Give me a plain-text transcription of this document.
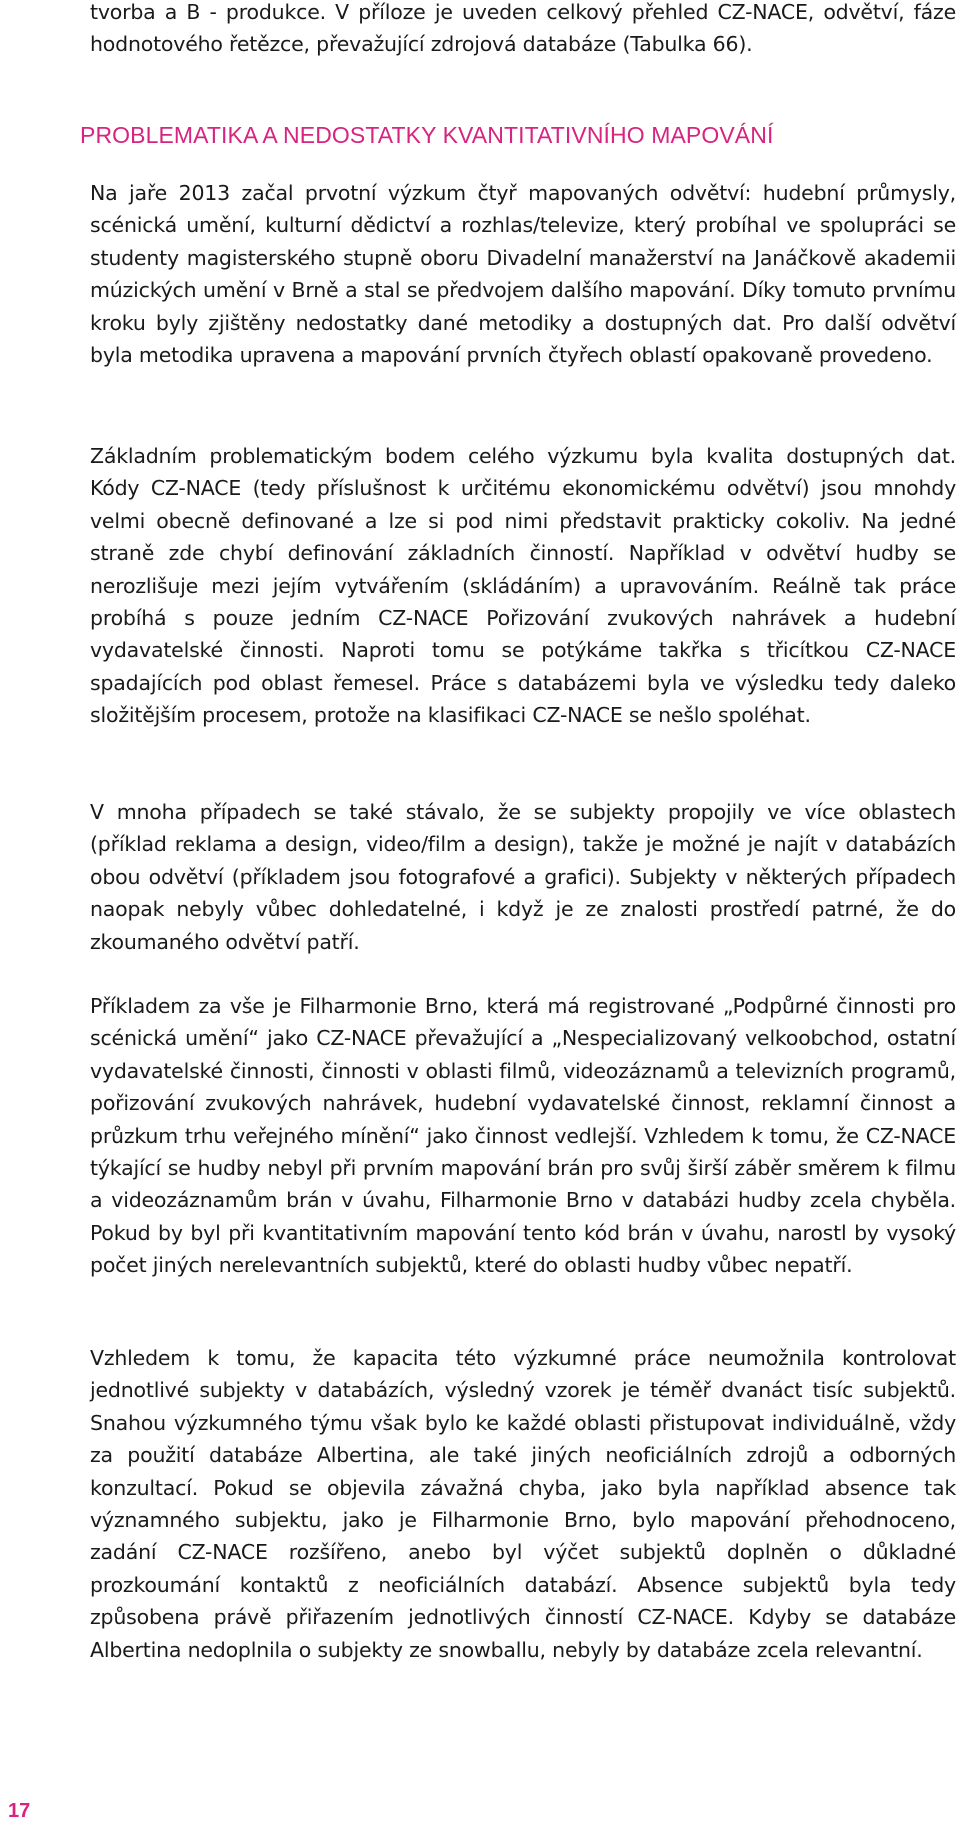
tvorba a B - produkce. V příloze je uveden celkový přehled CZ-NACE, odvětví, fáze hodnotového řetězce, převažující zdrojová databáze (Tabulka 66).

PROBLEMATIKA A NEDOSTATKY KVANTITATIVNÍHO MAPOVÁNÍ

Na jaře 2013 začal prvotní výzkum čtyř mapovaných odvětví: hudební průmysly, scénická umění, kulturní dědictví a rozhlas/televize, který probíhal ve spolupráci se studenty magisterského stupně oboru Divadelní manažerství na Janáčkově akademii múzických umění v Brně a stal se předvojem dalšího mapování. Díky tomuto prvnímu kroku byly zjištěny nedostatky dané metodiky a dostupných dat. Pro další odvětví byla metodika upravena a mapování prvních čtyřech oblastí opakovaně provedeno.

Základním problematickým bodem celého výzkumu byla kvalita dostupných dat. Kódy CZ-NACE (tedy příslušnost k určitému ekonomickému odvětví) jsou mnohdy velmi obecně definované a lze si pod nimi představit prakticky cokoliv. Na jedné straně zde chybí definování základních činností. Například v odvětví hudby se nerozlišuje mezi jejím vytvářením (skládáním) a upravováním. Reálně tak práce probíhá s pouze jedním CZ-NACE Pořizování zvukových nahrávek a hudební vydavatelské činnosti. Naproti tomu se potýkáme takřka s třicítkou CZ-NACE spadajících pod oblast řemesel. Práce s databázemi byla ve výsledku tedy daleko složitějším procesem, protože na klasifikaci CZ-NACE se nešlo spoléhat.

V mnoha případech se také stávalo, že se subjekty propojily ve více oblastech (příklad reklama a design, video/film a design), takže je možné je najít v databázích obou odvětví (příkladem jsou fotografové a grafici). Subjekty v některých případech naopak nebyly vůbec dohledatelné, i když je ze znalosti prostředí patrné, že do zkoumaného odvětví patří.

Příkladem za vše je Filharmonie Brno, která má registrované „Podpůrné činnosti pro scénická umění“ jako CZ-NACE převažující a „Nespecializovaný velkoobchod, ostatní vydavatelské činnosti, činnosti v oblasti filmů, videozáznamů a televizních programů, pořizování zvukových nahrávek, hudební vydavatelské činnost, reklamní činnost a průzkum trhu veřejného mínění“ jako činnost vedlejší. Vzhledem k tomu, že CZ-NACE týkající se hudby nebyl při prvním mapování brán pro svůj širší záběr směrem k filmu a videozáznamům brán v úvahu, Filharmonie Brno v databázi hudby zcela chyběla. Pokud by byl při kvantitativním mapování tento kód brán v úvahu, narostl by vysoký počet jiných nerelevantních subjektů, které do oblasti hudby vůbec nepatří.

Vzhledem k tomu, že kapacita této výzkumné práce neumožnila kontrolovat jednotlivé subjekty v databázích, výsledný vzorek je téměř dvanáct tisíc subjektů. Snahou výzkumného týmu však bylo ke každé oblasti přistupovat individuálně, vždy za použití databáze Albertina, ale také jiných neoficiálních zdrojů a odborných konzultací. Pokud se objevila závažná chyba, jako byla například absence tak významného subjektu, jako je Filharmonie Brno, bylo mapování přehodnoceno, zadání CZ-NACE rozšířeno, anebo byl výčet subjektů doplněn o důkladné prozkoumání kontaktů z neoficiálních databází. Absence subjektů byla tedy způsobena právě přiřazením jednotlivých činností CZ-NACE. Kdyby se databáze Albertina nedoplnila o subjekty ze snowballu, nebyly by databáze zcela relevantní.

17
